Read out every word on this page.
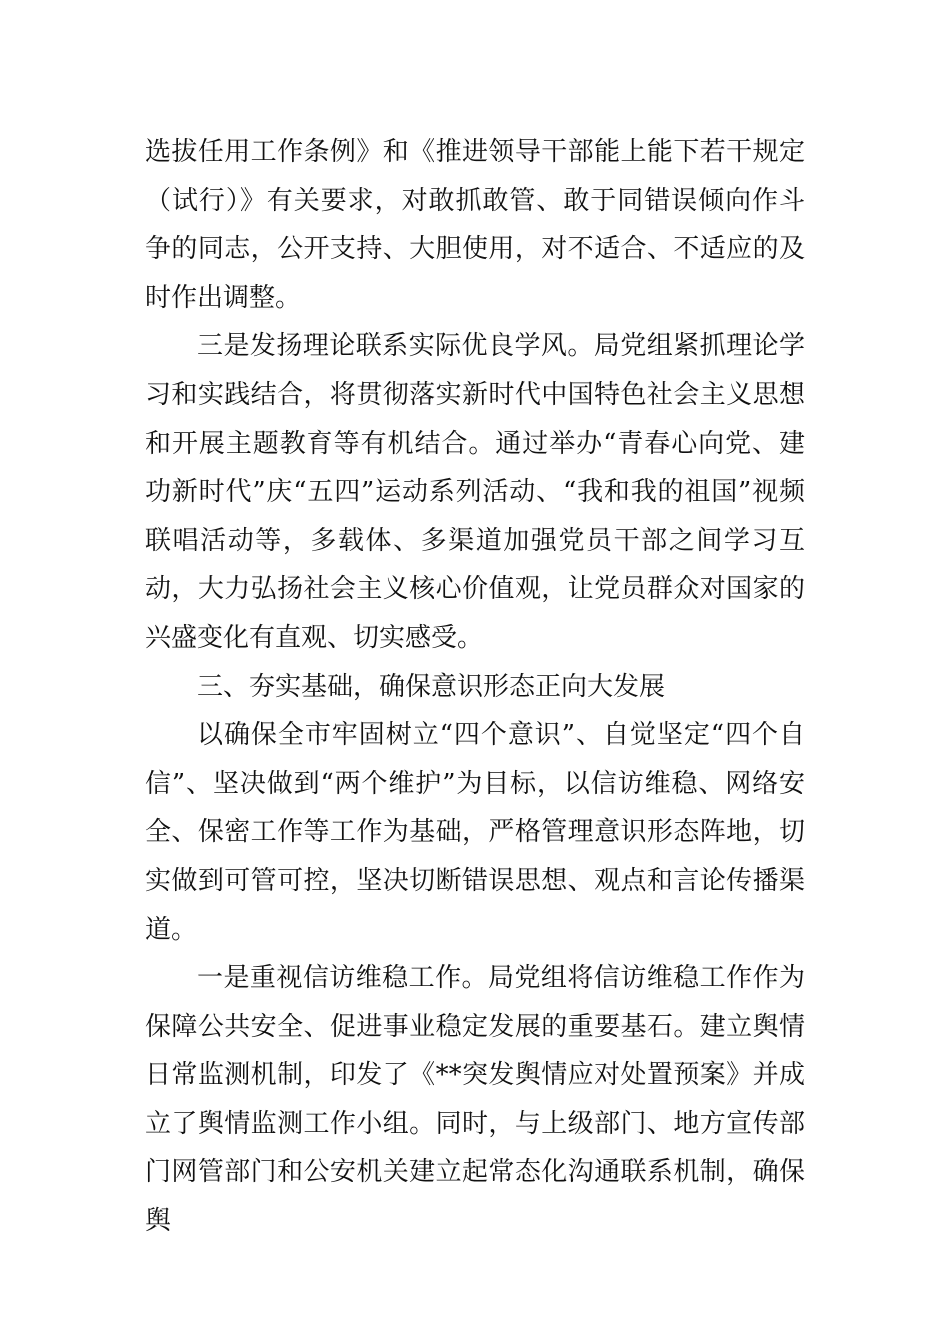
选拔任用工作条例》和《推进领导干部能上能下若干规定（试行）》有关要求，对敢抓敢管、敢于同错误倾向作斗争的同志，公开支持、大胆使用，对不适合、不适应的及时作出调整。

三是发扬理论联系实际优良学风。局党组紧抓理论学习和实践结合，将贯彻落实新时代中国特色社会主义思想和开展主题教育等有机结合。通过举办“青春心向党、建功新时代”庆“五四”运动系列活动、“我和我的祖国”视频联唱活动等，多载体、多渠道加强党员干部之间学习互动，大力弘扬社会主义核心价值观，让党员群众对国家的兴盛变化有直观、切实感受。

三、夯实基础，确保意识形态正向大发展

以确保全市牢固树立“四个意识”、自觉坚定“四个自信”、坚决做到“两个维护”为目标，以信访维稳、网络安全、保密工作等工作为基础，严格管理意识形态阵地，切实做到可管可控，坚决切断错误思想、观点和言论传播渠道。

一是重视信访维稳工作。局党组将信访维稳工作作为保障公共安全、促进事业稳定发展的重要基石。建立舆情日常监测机制，印发了《**突发舆情应对处置预案》并成立了舆情监测工作小组。同时，与上级部门、地方宣传部门网管部门和公安机关建立起常态化沟通联系机制，确保舆
